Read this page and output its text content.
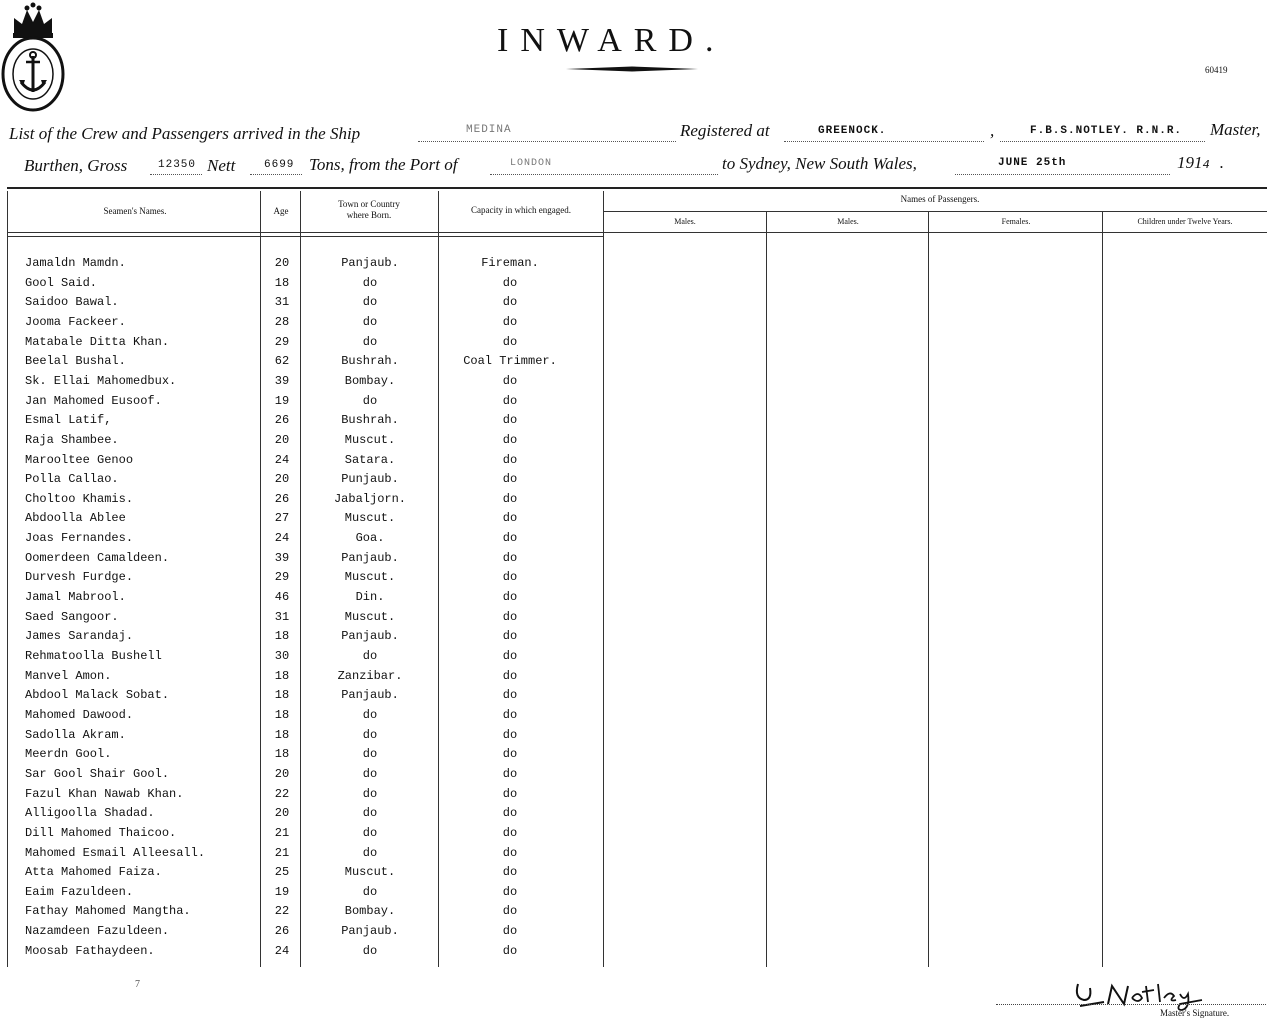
INWARD.
60419
List of the Crew and Passengers arrived in the Ship	MEDINA	Registered at	GREENOCK.	,	F.B.S.NOTLEY. R.N.R. Master,
Burthen, Gross	12350 Nett	6699 Tons, from the Port of	LONDON	to Sydney, New South Wales,	JUNE 25th	1914 .
Seamen's Names.	Age
Town or Country
where Born.	Capacity in which engaged.
Names of Passengers.
Males.	Males.	Females.	Children under Twelve Years.
Jamaldn Mamdn.	20	Panjaub.	Fireman.
Gool Said.	18	do	do
Saidoo Bawal.	31	do	do
Jooma Fackeer.	28	do	do
Matabale Ditta Khan.	29	do	do
Beelal Bushal.	62	Bushrah.	Coal Trimmer.
Sk. Ellai Mahomedbux.	39	Bombay.	do
Jan Mahomed Eusoof.	19	do	do
Esmal Latif,	26	Bushrah.	do
Raja Shambee.	20	Muscut.	do
Marooltee Genoo	24	Satara.	do
Polla Callao.	20	Punjaub.	do
Choltoo Khamis.	26	Jabaljorn.	do
Abdoolla Ablee	27	Muscut.	do
Joas Fernandes.	24	Goa.	do
Oomerdeen Camaldeen.	39	Panjaub.	do
Durvesh Furdge.	29	Muscut.	do
Jamal Mabrool.	46	Din.	do
Saed Sangoor.	31	Muscut.	do
James Sarandaj.	18	Panjaub.	do
Rehmatoolla Bushell	30	do	do
Manvel Amon.	18	Zanzibar.	do
Abdool Malack Sobat.	18	Panjaub.	do
Mahomed Dawood.	18	do	do
Sadolla Akram.	18	do	do
Meerdn Gool.	18	do	do
Sar Gool Shair Gool.	20	do	do
Fazul Khan Nawab Khan.	22	do	do
Alligoolla Shadad.	20	do	do
Dill Mahomed Thaicoo.	21	do	do
Mahomed Esmail Alleesall.	21	do	do
Atta Mahomed Faiza.	25	Muscut.	do
Eaim Fazuldeen.	19	do	do
Fathay Mahomed Mangtha.	22	Bombay.	do
Nazamdeen Fazuldeen.	26	Panjaub.	do
Moosab Fathaydeen.	24	do	do
7
Master's Signature.
